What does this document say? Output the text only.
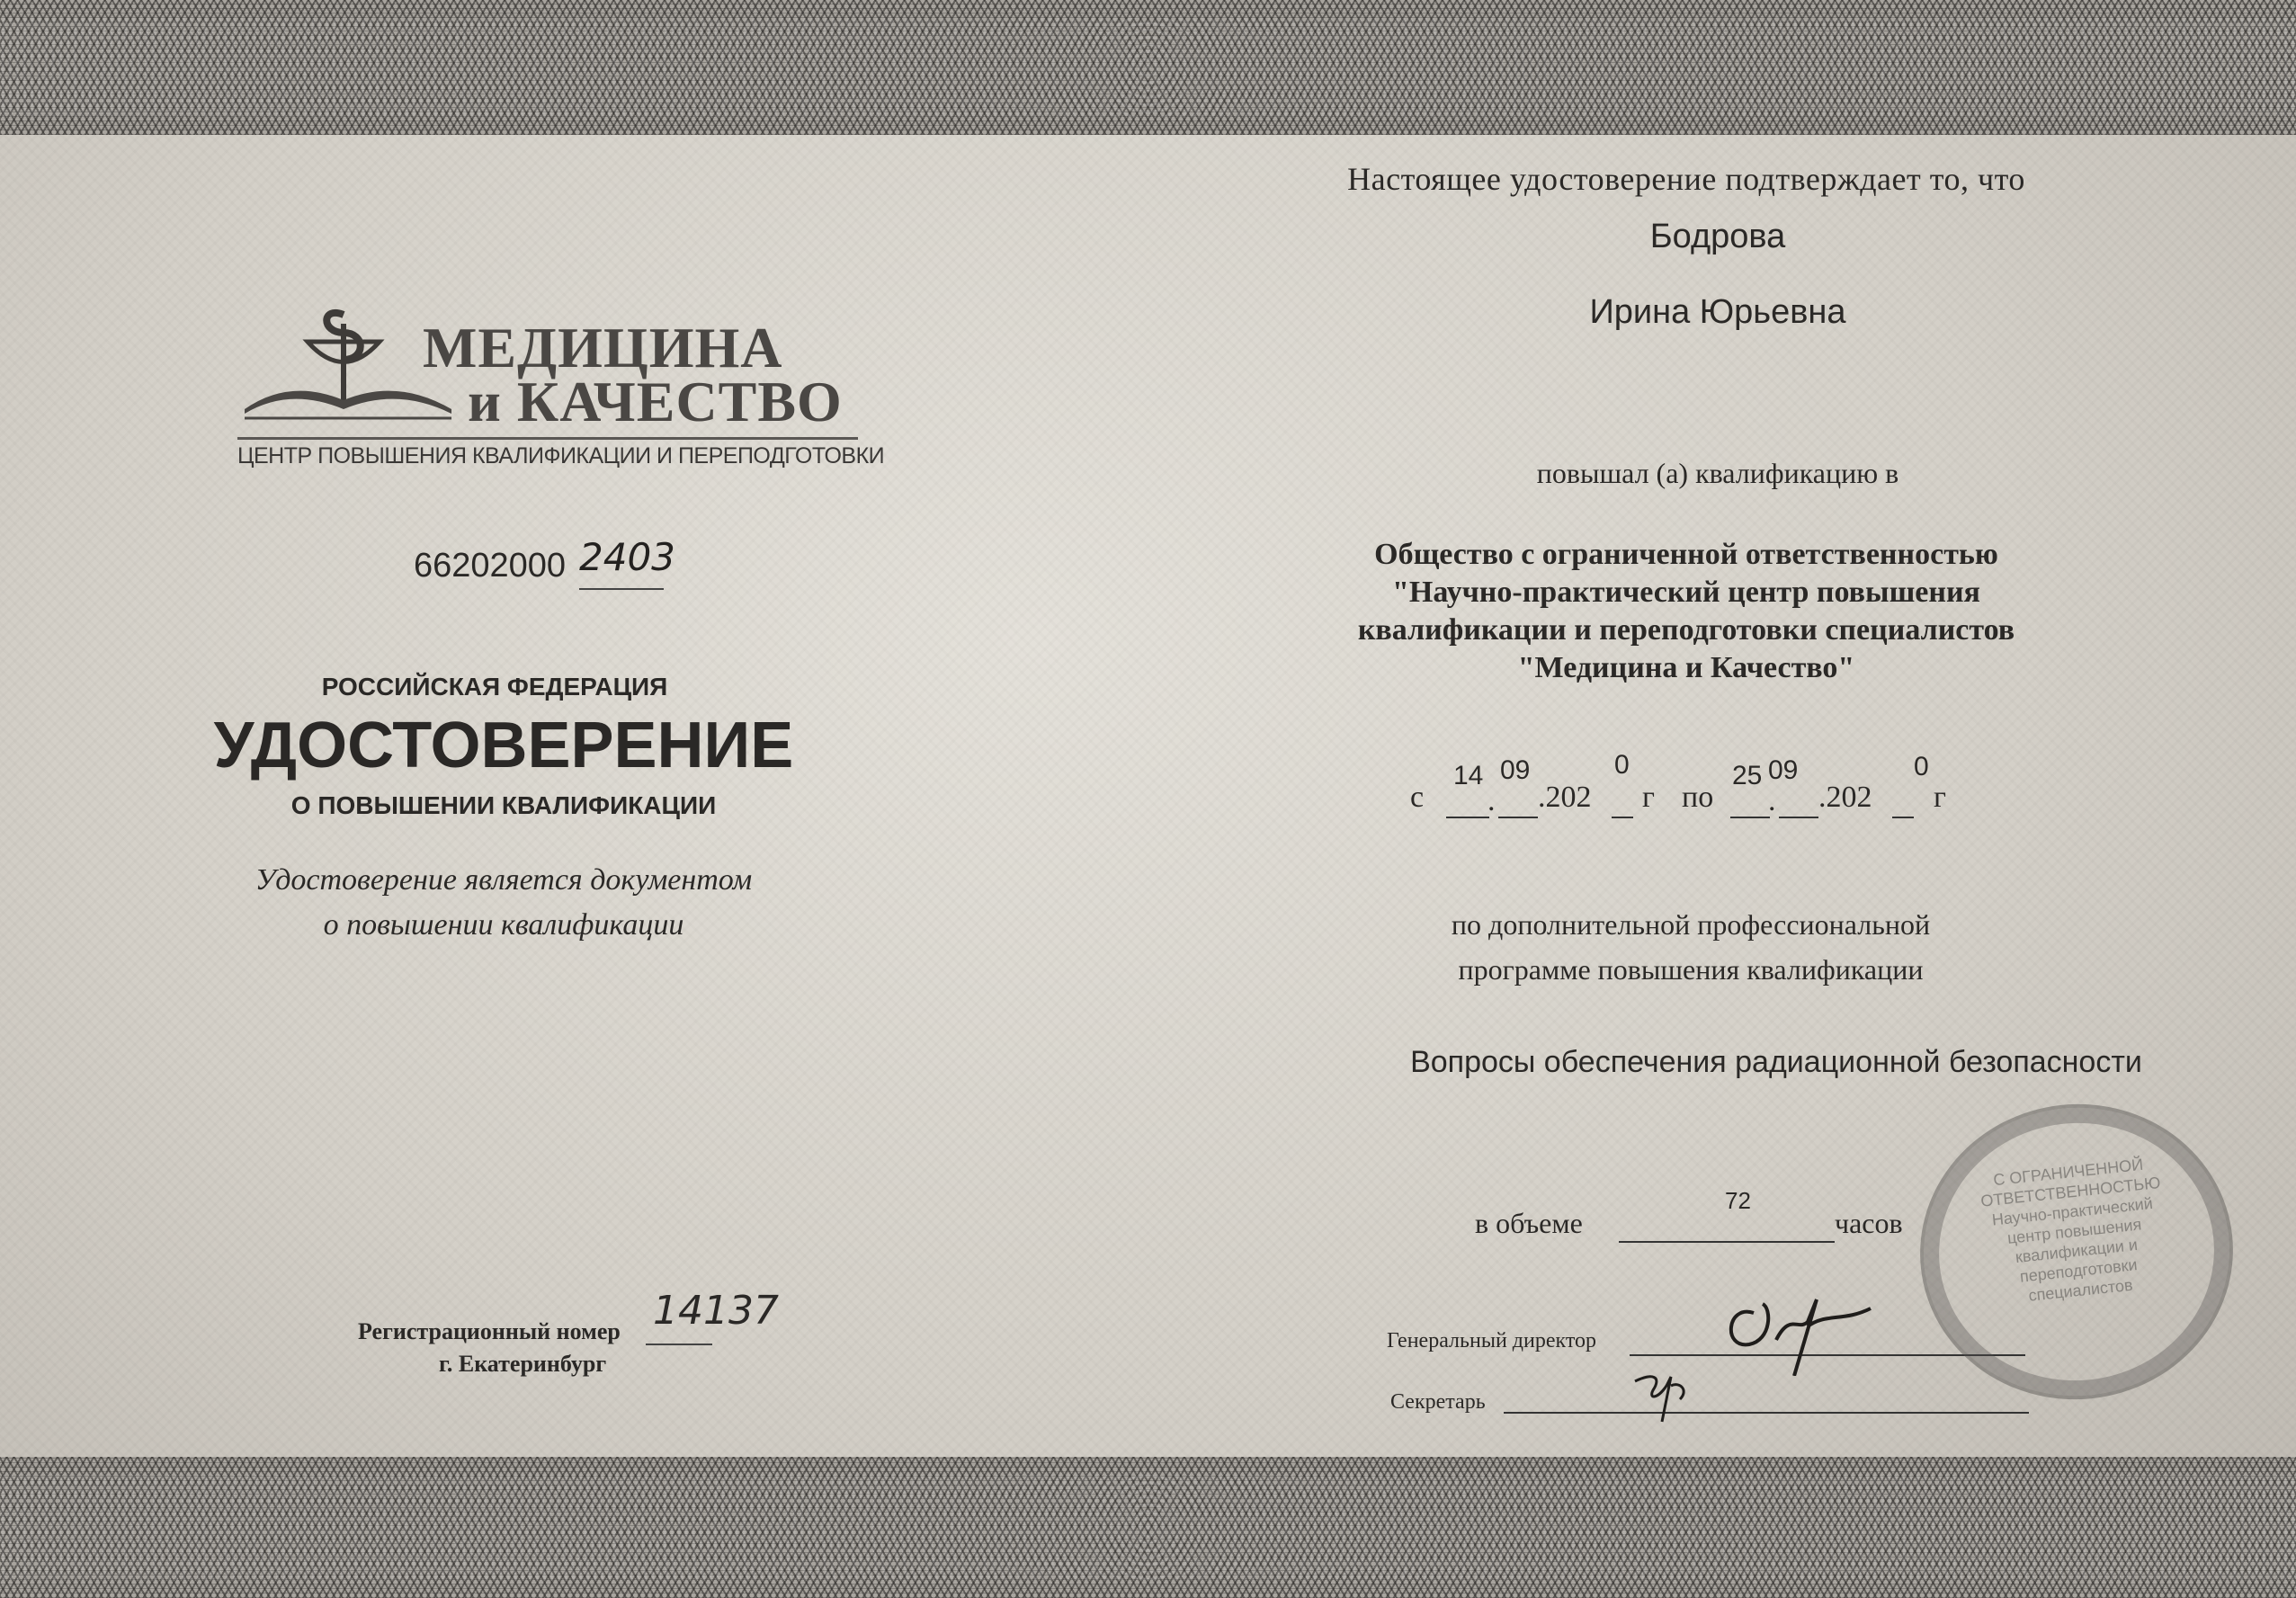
МЕДИЦИНА
и КАЧЕСТВО
ЦЕНТР ПОВЫШЕНИЯ КВАЛИФИКАЦИИ И ПЕРЕПОДГОТОВКИ
66202000 2403
РОССИЙСКАЯ ФЕДЕРАЦИЯ
УДОСТОВЕРЕНИЕ
О ПОВЫШЕНИИ КВАЛИФИКАЦИИ
Удостоверение является документом
о повышении квалификации
Регистрационный номер 14137
г. Екатеринбург
Настоящее удостоверение подтверждает то, что
Бодрова
Ирина Юрьевна
повышал (а) квалификацию в
Общество с ограниченной ответственностью
"Научно-практический центр повышения
квалификации и переподготовки специалистов
"Медицина и Качество"
с
14
.
09
.202
0
г по
25
.
09
.202
0
г
по дополнительной профессиональной
программе повышения квалификации
Вопросы обеспечения радиационной безопасности
в объеме
72
часов
Генеральный директор
Секретарь
С ОГРАНИЧЕННОЙ ОТВЕТСТВЕННОСТЬЮ Научно-практический центр повышения квалификации и переподготовки специалистов
